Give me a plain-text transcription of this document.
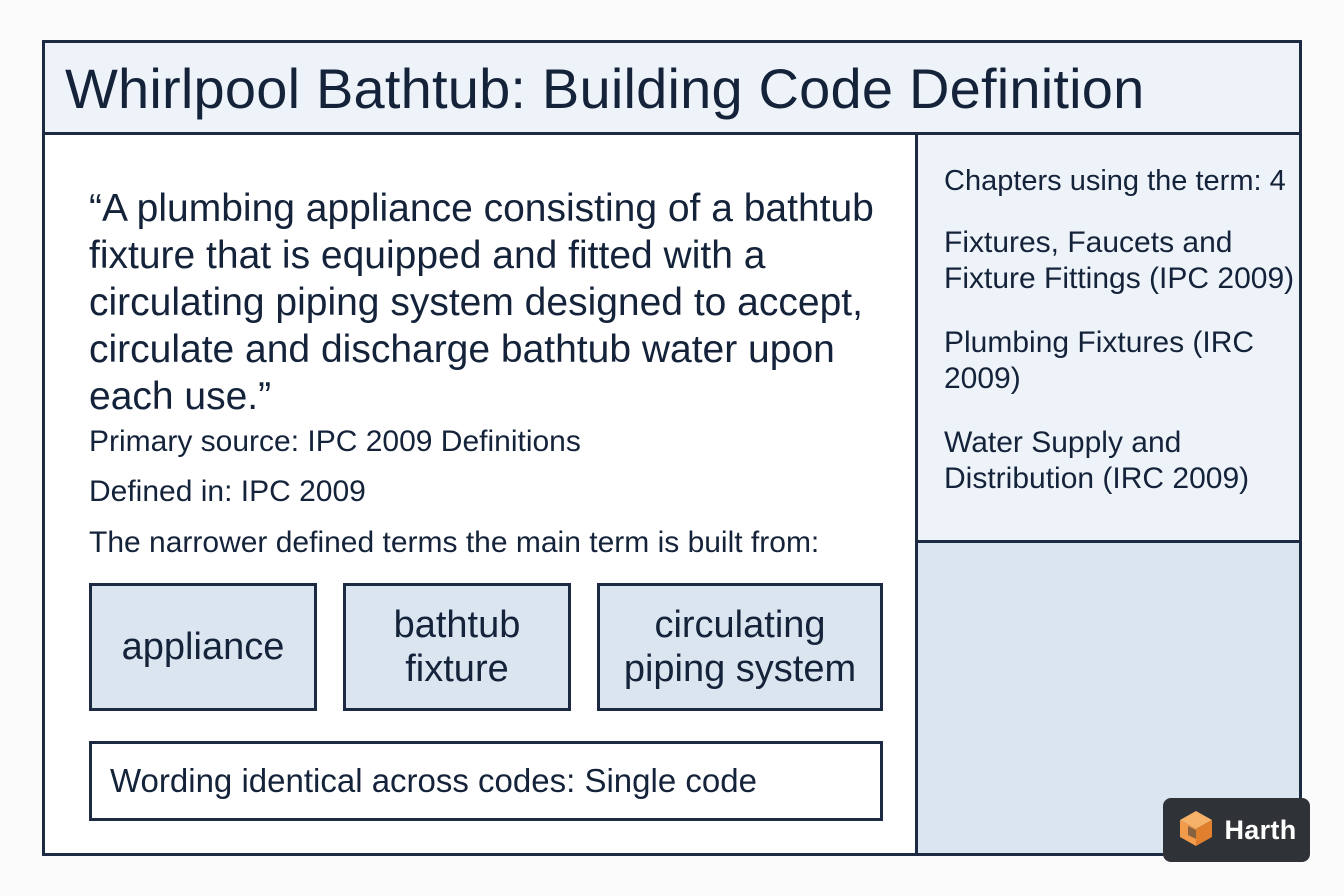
Whirlpool Bathtub: Building Code Definition

“A plumbing appliance consisting of a bathtub fixture that is equipped and fitted with a circulating piping system designed to accept, circulate and discharge bathtub water upon each use.”

Primary source: IPC 2009 Definitions
Defined in: IPC 2009
The narrower defined terms the main term is built from:
appliance
bathtub fixture
circulating piping system
Wording identical across codes: Single code
Chapters using the term: 4
Fixtures, Faucets and Fixture Fittings (IPC 2009)
Plumbing Fixtures (IRC 2009)
Water Supply and Distribution (IRC 2009)
Harth
